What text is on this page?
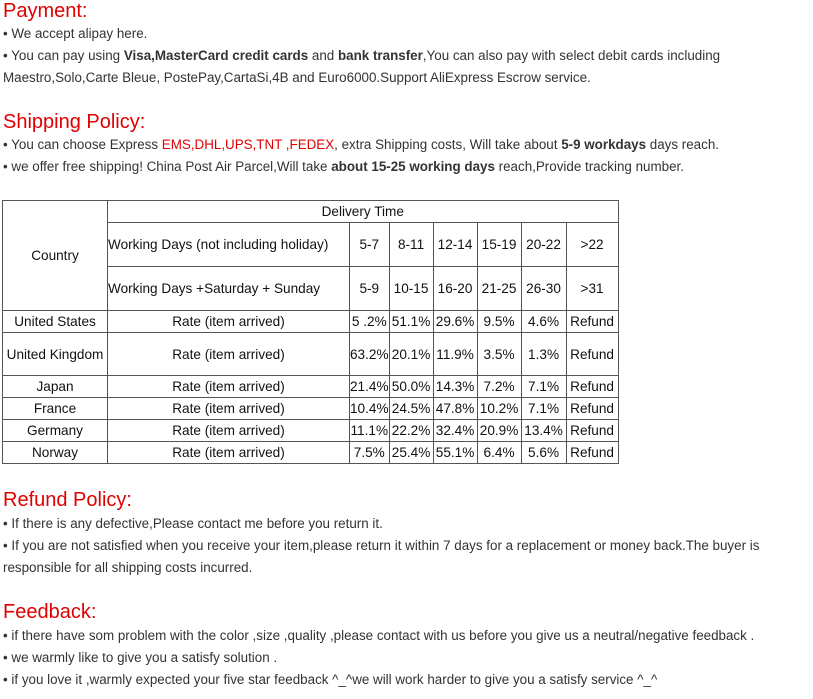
Payment:

• We accept alipay here.

• You can pay using Visa,MasterCard credit cards and bank transfer,You can also pay with select debit cards including

Maestro,Solo,Carte Bleue, PostePay,CartaSi,4B and Euro6000.Support AliExpress Escrow service.

Shipping Policy:

• You can choose Express EMS,DHL,UPS,TNT ,FEDEX, extra Shipping costs, Will take about 5-9 workdays days reach.

• we offer free shipping! China Post Air Parcel,Will take about 15-25 working days reach,Provide tracking number.

Country	Delivery Time						
	Working Days (not including holiday)	5-7	8-11	12-14	15-19	20-22	>22
	Working Days +Saturday + Sunday	5-9	10-15	16-20	21-25	26-30	>31
United States	Rate (item arrived)	5 .2%	51.1%	29.6%	9.5%	4.6%	Refund
United Kingdom	Rate (item arrived)	63.2%	20.1%	11.9%	3.5%	1.3%	Refund
Japan	Rate (item arrived)	21.4%	50.0%	14.3%	7.2%	7.1%	Refund
France	Rate (item arrived)	10.4%	24.5%	47.8%	10.2%	7.1%	Refund
Germany	Rate (item arrived)	11.1%	22.2%	32.4%	20.9%	13.4%	Refund
Norway	Rate (item arrived)	7.5%	25.4%	55.1%	6.4%	5.6%	Refund
Refund Policy:

• If there is any defective,Please contact me before you return it.

• If you are not satisfied when you receive your item,please return it within 7 days for a replacement or money back.The buyer is

responsible for all shipping costs incurred.

Feedback:

• if there have som problem with the color ,size ,quality ,please contact with us before you give us a neutral/negative feedback .

• we warmly like to give you a satisfy solution .

• if you love it ,warmly expected your five star feedback ^_^we will work harder to give you a satisfy service ^_^
